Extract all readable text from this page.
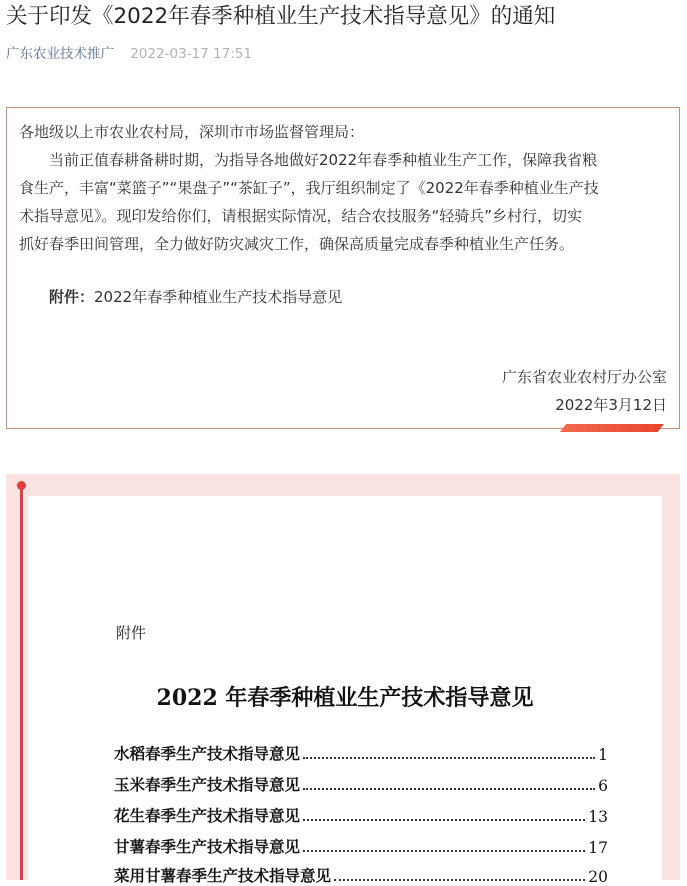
关于印发《2022年春季种植业生产技术指导意见》的通知
广东农业技术推广 2022-03-17 17:51
各地级以上市农业农村局，深圳市市场监督管理局：
当前正值春耕备耕时期，为指导各地做好2022年春季种植业生产工作，保障我省粮
食生产，丰富“菜篮子”“果盘子”“茶缸子”，我厅组织制定了《2022年春季种植业生产技
术指导意见》。现印发给你们，请根据实际情况，结合农技服务“轻骑兵”乡村行，切实
抓好春季田间管理，全力做好防灾减灾工作，确保高质量完成春季种植业生产任务。
附件：2022年春季种植业生产技术指导意见
广东省农业农村厅办公室
2022年3月12日
附件
2022 年春季种植业生产技术指导意见
水稻春季生产技术指导意见	1
玉米春季生产技术指导意见	6
花生春季生产技术指导意见	13
甘薯春季生产技术指导意见	17
菜用甘薯春季生产技术指导意见	20
